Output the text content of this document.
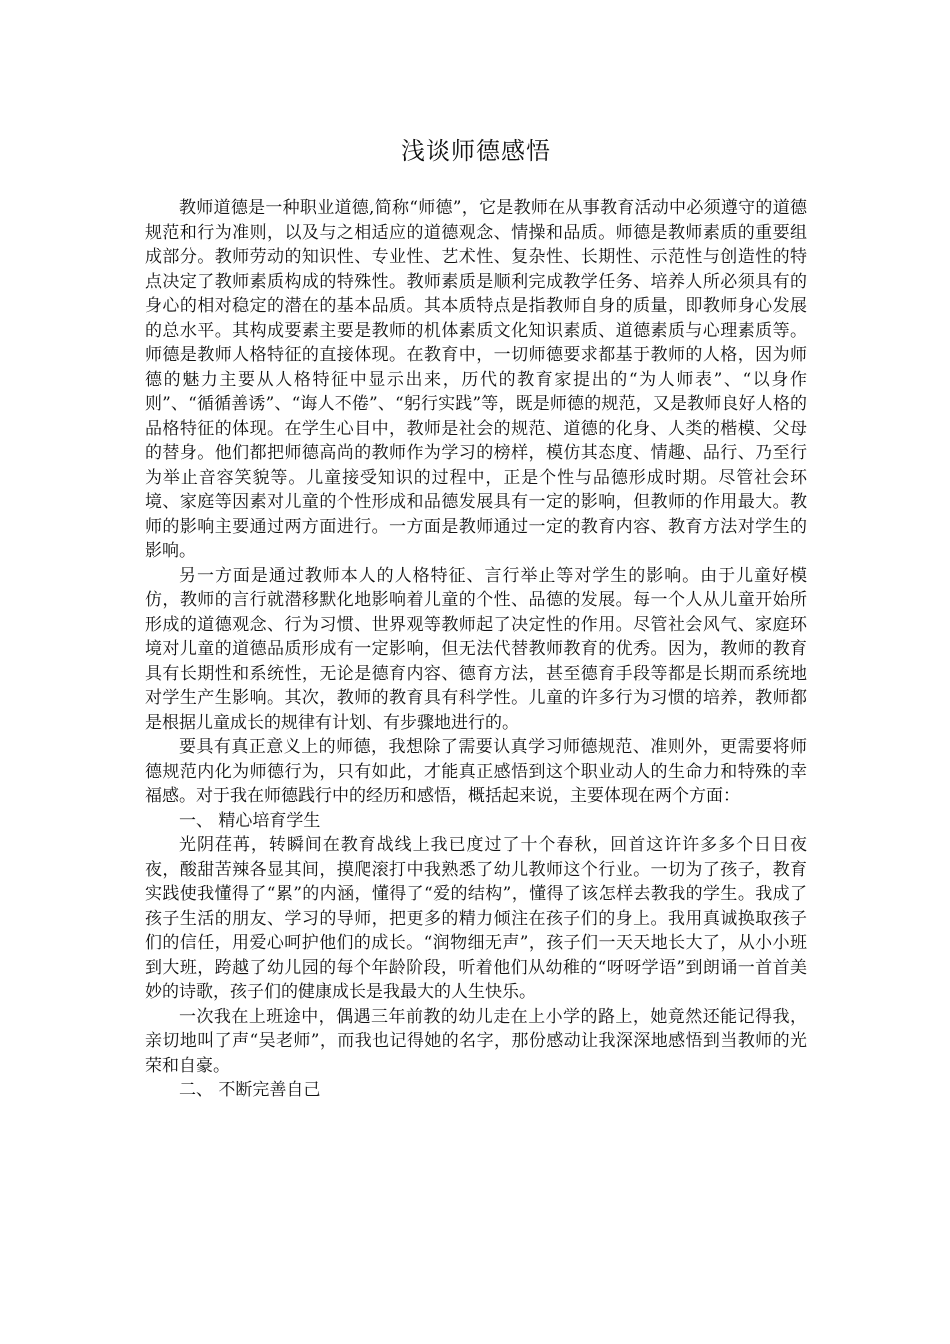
浅谈师德感悟

教师道德是一种职业道德,简称“师德”，它是教师在从事教育活动中必须遵守的道德规范和行为准则，以及与之相适应的道德观念、情操和品质。师德是教师素质的重要组成部分。教师劳动的知识性、专业性、艺术性、复杂性、长期性、示范性与创造性的特点决定了教师素质构成的特殊性。教师素质是顺利完成教学任务、培养人所必须具有的身心的相对稳定的潜在的基本品质。其本质特点是指教师自身的质量，即教师身心发展的总水平。其构成要素主要是教师的机体素质文化知识素质、道德素质与心理素质等。师德是教师人格特征的直接体现。在教育中，一切师德要求都基于教师的人格，因为师德的魅力主要从人格特征中显示出来，历代的教育家提出的“为人师表”、“以身作则”、“循循善诱”、“诲人不倦”、“躬行实践”等，既是师德的规范，又是教师良好人格的品格特征的体现。在学生心目中，教师是社会的规范、道德的化身、人类的楷模、父母的替身。他们都把师德高尚的教师作为学习的榜样，模仿其态度、情趣、品行、乃至行为举止音容笑貌等。儿童接受知识的过程中，正是个性与品德形成时期。尽管社会环境、家庭等因素对儿童的个性形成和品德发展具有一定的影响，但教师的作用最大。教师的影响主要通过两方面进行。一方面是教师通过一定的教育内容、教育方法对学生的影响。

另一方面是通过教师本人的人格特征、言行举止等对学生的影响。由于儿童好模仿，教师的言行就潜移默化地影响着儿童的个性、品德的发展。每一个人从儿童开始所形成的道德观念、行为习惯、世界观等教师起了决定性的作用。尽管社会风气、家庭环境对儿童的道德品质形成有一定影响，但无法代替教师教育的优秀。因为，教师的教育具有长期性和系统性，无论是德育内容、德育方法，甚至德育手段等都是长期而系统地对学生产生影响。其次，教师的教育具有科学性。儿童的许多行为习惯的培养，教师都是根据儿童成长的规律有计划、有步骤地进行的。

要具有真正意义上的师德，我想除了需要认真学习师德规范、准则外，更需要将师德规范内化为师德行为，只有如此，才能真正感悟到这个职业动人的生命力和特殊的幸福感。对于我在师德践行中的经历和感悟，概括起来说，主要体现在两个方面：

一、 精心培育学生

光阴荏苒，转瞬间在教育战线上我已度过了十个春秋，回首这许许多多个日日夜夜，酸甜苦辣各显其间，摸爬滚打中我熟悉了幼儿教师这个行业。一切为了孩子，教育实践使我懂得了“累”的内涵，懂得了“爱的结构”，懂得了该怎样去教我的学生。我成了孩子生活的朋友、学习的导师，把更多的精力倾注在孩子们的身上。我用真诚换取孩子们的信任，用爱心呵护他们的成长。“润物细无声”，孩子们一天天地长大了，从小小班到大班，跨越了幼儿园的每个年龄阶段，听着他们从幼稚的“呀呀学语”到朗诵一首首美妙的诗歌，孩子们的健康成长是我最大的人生快乐。

一次我在上班途中，偶遇三年前教的幼儿走在上小学的路上，她竟然还能记得我，亲切地叫了声“吴老师”，而我也记得她的名字，那份感动让我深深地感悟到当教师的光荣和自豪。

二、 不断完善自己
